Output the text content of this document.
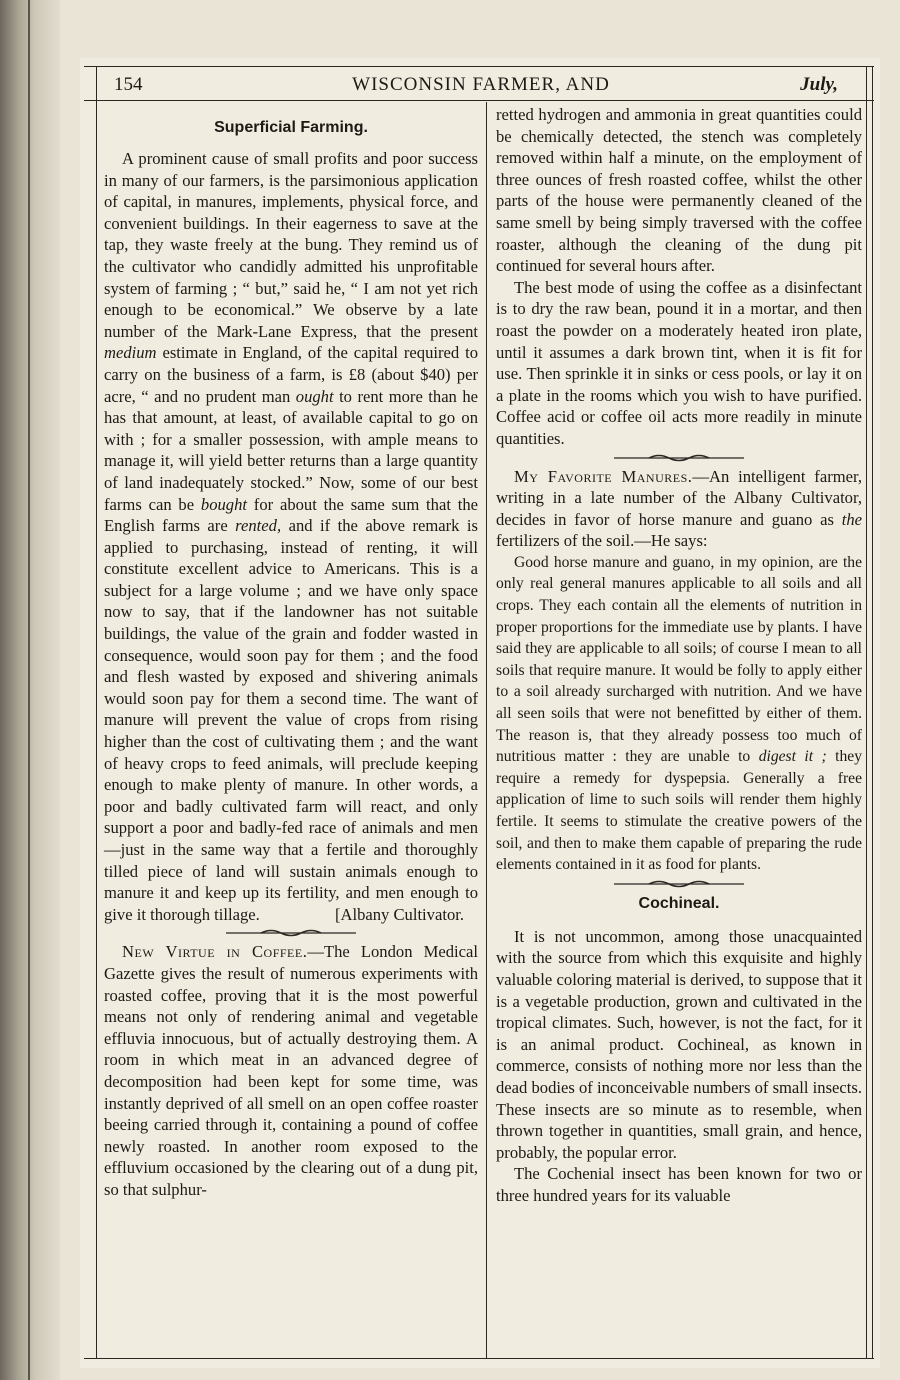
154	WISCONSIN FARMER, AND	July,
Superficial Farming.

A prominent cause of small profits and poor success in many of our farmers, is the parsimonious application of capital, in manures, implements, physical force, and convenient buildings. In their eagerness to save at the tap, they waste freely at the bung. They remind us of the cultivator who candidly admitted his unprofitable system of farming ; “ but,” said he, “ I am not yet rich enough to be economical.” We observe by a late number of the Mark-Lane Express, that the present medium estimate in England, of the capital required to carry on the business of a farm, is £8 (about $40) per acre, “ and no prudent man ought to rent more than he has that amount, at least, of available capital to go on with ; for a smaller possession, with ample means to manage it, will yield better returns than a large quantity of land inadequately stocked.” Now, some of our best farms can be bought for about the same sum that the English farms are rented, and if the above remark is applied to purchasing, instead of renting, it will constitute excellent advice to Americans. This is a subject for a large volume ; and we have only space now to say, that if the landowner has not suitable buildings, the value of the grain and fodder wasted in consequence, would soon pay for them ; and the food and flesh wasted by exposed and shivering animals would soon pay for them a second time. The want of manure will prevent the value of crops from rising higher than the cost of cultivating them ; and the want of heavy crops to feed animals, will preclude keeping enough to make plenty of manure. In other words, a poor and badly cultivated farm will react, and only support a poor and badly-fed race of animals and men—just in the same way that a fertile and thoroughly tilled piece of land will sustain animals enough to manure it and keep up its fertility, and men enough to give it thorough tillage.	[Albany Cultivator.

New Virtue in Coffee.—The London Medical Gazette gives the result of numerous experiments with roasted coffee, proving that it is the most powerful means not only of rendering animal and vegetable effluvia innocuous, but of actually destroying them. A room in which meat in an advanced degree of decomposition had been kept for some time, was instantly deprived of all smell on an open coffee roaster beeing carried through it, containing a pound of coffee newly roasted. In another room exposed to the effluvium occasioned by the clearing out of a dung pit, so that sulphur-

retted hydrogen and ammonia in great quantities could be chemically detected, the stench was completely removed within half a minute, on the employment of three ounces of fresh roasted coffee, whilst the other parts of the house were permanently cleaned of the same smell by being simply traversed with the coffee roaster, although the cleaning of the dung pit continued for several hours after.

The best mode of using the coffee as a disinfectant is to dry the raw bean, pound it in a mortar, and then roast the powder on a moderately heated iron plate, until it assumes a dark brown tint, when it is fit for use. Then sprinkle it in sinks or cess pools, or lay it on a plate in the rooms which you wish to have purified. Coffee acid or coffee oil acts more readily in minute quantities.

My Favorite Manures.—An intelligent farmer, writing in a late number of the Albany Cultivator, decides in favor of horse manure and guano as the fertilizers of the soil.—He says:

Good horse manure and guano, in my opinion, are the only real general manures applicable to all soils and all crops. They each contain all the elements of nutrition in proper proportions for the immediate use by plants. I have said they are applicable to all soils; of course I mean to all soils that require manure. It would be folly to apply either to a soil already surcharged with nutrition. And we have all seen soils that were not benefitted by either of them. The reason is, that they already possess too much of nutritious matter : they are unable to digest it ; they require a remedy for dyspepsia. Generally a free application of lime to such soils will render them highly fertile. It seems to stimulate the creative powers of the soil, and then to make them capable of preparing the rude elements contained in it as food for plants.

Cochineal.

It is not uncommon, among those unacquainted with the source from which this exquisite and highly valuable coloring material is derived, to suppose that it is a vegetable production, grown and cultivated in the tropical climates. Such, however, is not the fact, for it is an animal product. Cochineal, as known in commerce, consists of nothing more nor less than the dead bodies of inconceivable numbers of small insects. These insects are so minute as to resemble, when thrown together in quantities, small grain, and hence, probably, the popular error.

The Cochenial insect has been known for two or three hundred years for its valuable
